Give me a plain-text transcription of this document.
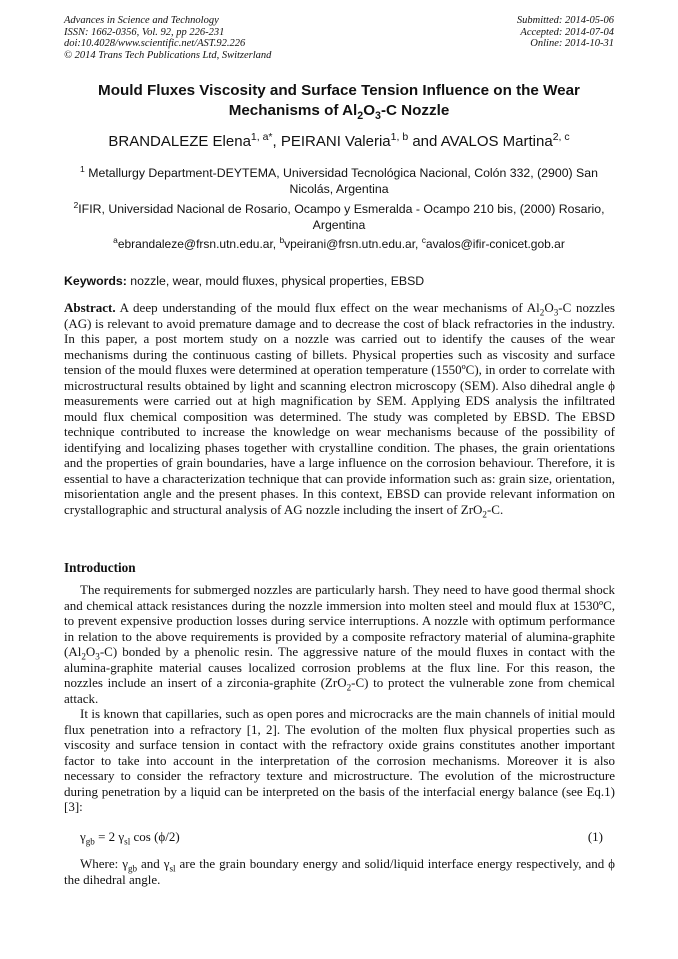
Advances in Science and Technology
ISSN: 1662-0356, Vol. 92, pp 226-231
doi:10.4028/www.scientific.net/AST.92.226
© 2014 Trans Tech Publications Ltd, Switzerland
Submitted: 2014-05-06
Accepted: 2014-07-04
Online: 2014-10-31
Mould Fluxes Viscosity and Surface Tension Influence on the Wear
Mechanisms of $Al_2O_3-C$ Nozzle
BRANDALEZE Elena$^{1, a*}$, PEIRANI Valeria$^{1, b}$ and AVALOS Martina$^{2, c}$
$^1$ Metallurgy Department-DEYTEMA, Universidad Tecnológica Nacional, Colón 332, (2900) San Nicolás, Argentina
$^2$IFIR, Universidad Nacional de Rosario, Ocampo y Esmeralda - Ocampo 210 bis, (2000) Rosario, Argentina
$^a$ebrandaleze@frsn.utn.edu.ar, $^b$vpeirani@frsn.utn.edu.ar, $^c$avalos@ifir-conicet.gob.ar
Keywords: nozzle, wear, mould fluxes, physical properties, EBSD
Abstract. A deep understanding of the mould flux effect on the wear mechanisms of $Al_2O_3-C$ nozzles (AG) is relevant to avoid premature damage and to decrease the cost of black refractories in the industry. In this paper, a post mortem study on a nozzle was carried out to identify the causes of the wear mechanisms during the continuous casting of billets. Physical properties such as viscosity and surface tension of the mould fluxes were determined at operation temperature (1550ºC), in order to correlate with microstructural results obtained by light and scanning electron microscopy (SEM). Also dihedral angle ϕ measurements were carried out at high magnification by SEM. Applying EDS analysis the infiltrated mould flux chemical composition was determined. The study was completed by EBSD. The EBSD technique contributed to increase the knowledge on wear mechanisms because of the possibility of identifying and localizing phases together with crystalline condition. The phases, the grain orientations and the properties of grain boundaries, have a large influence on the corrosion behaviour. Therefore, it is essential to have a characterization technique that can provide information such as: grain size, orientation, misorientation angle and the present phases. In this context, EBSD can provide relevant information on crystallographic and structural analysis of AG nozzle including the insert of ZrO$_2$-C.
Introduction
The requirements for submerged nozzles are particularly harsh. They need to have good thermal shock and chemical attack resistances during the nozzle immersion into molten steel and mould flux at 1530ºC, to prevent expensive production losses during service interruptions. A nozzle with optimum performance in relation to the above requirements is provided by a composite refractory material of alumina-graphite $(Al_2O_3-C)$ bonded by a phenolic resin. The aggressive nature of the mould fluxes in contact with the alumina-graphite material causes localized corrosion problems at the flux line. For this reason, the nozzles include an insert of a zirconia-graphite (ZrO$_2$-C) to protect the vulnerable zone from chemical attack.
It is known that capillaries, such as open pores and microcracks are the main channels of initial mould flux penetration into a refractory [1, 2]. The evolution of the molten flux physical properties such as viscosity and surface tension in contact with the refractory oxide grains constitutes another important factor to take into account in the interpretation of the corrosion mechanisms. Moreover it is also necessary to consider the refractory texture and microstructure. The evolution of the microstructure during penetration by a liquid can be interpreted on the basis of the interfacial energy balance (see Eq.1) [3]:
$\gamma_{gb} = 2$ $\gamma_{sl}$ cos (ϕ/2)	(1)
Where: $\gamma_{gb}$ and $\gamma_{sl}$ are the grain boundary energy and solid/liquid interface energy respectively, and ϕ the dihedral angle.
